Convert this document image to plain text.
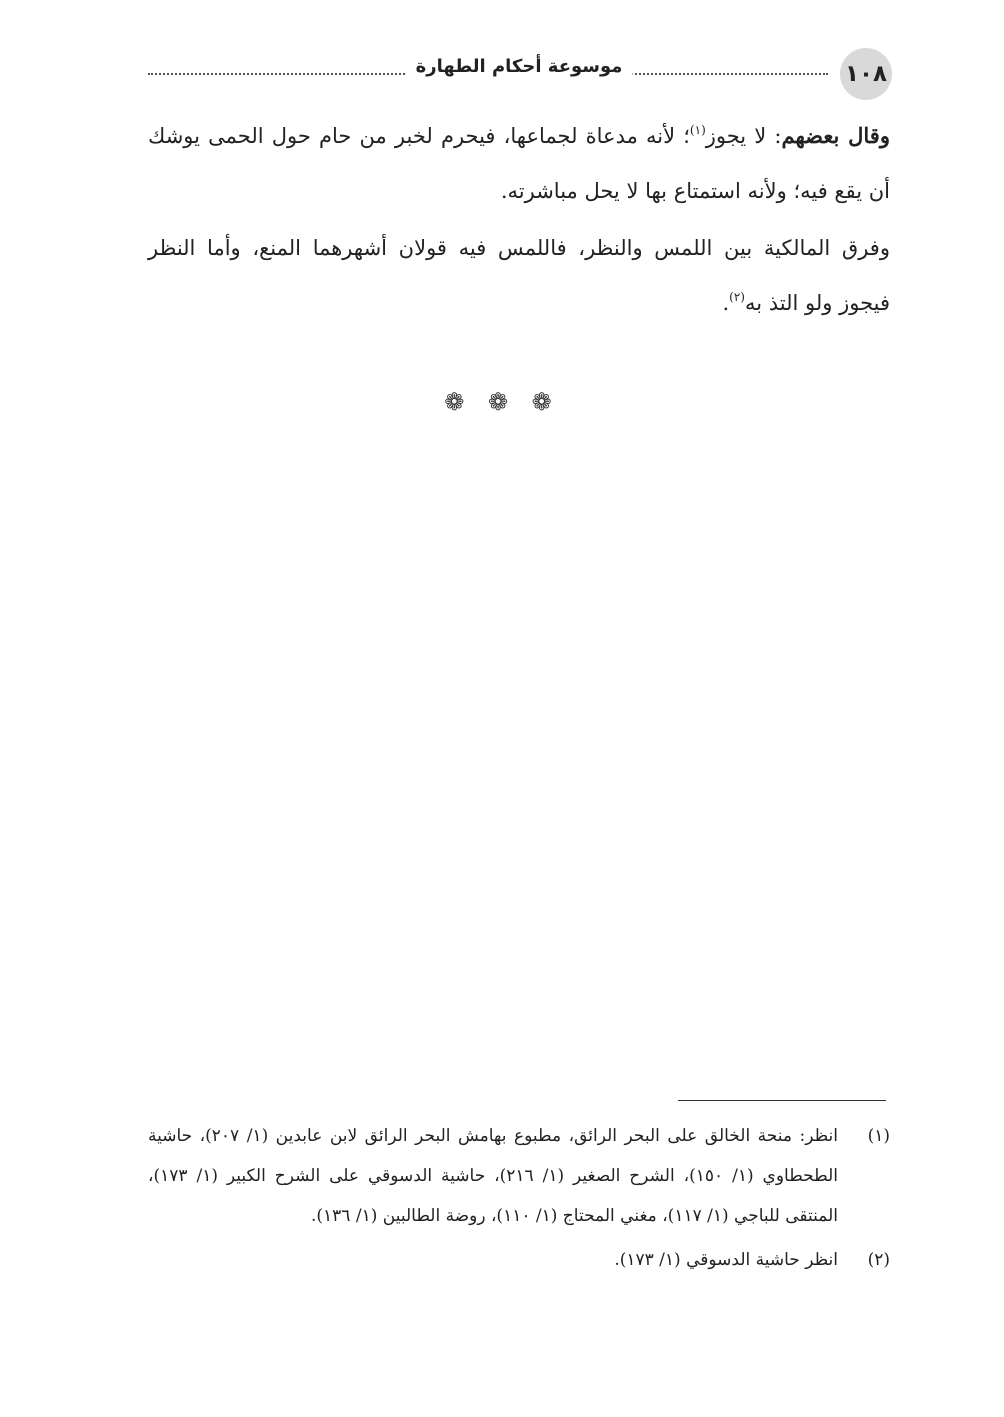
موسوعة أحكام الطهارة	١٠٨

وقال بعضهم: لا يجوز$^{(١)}$؛ لأنه مدعاة لجماعها، فيحرم لخبر من حام حول الحمى يوشك أن يقع فيه؛ ولأنه استمتاع بها لا يحل مباشرته.

وفرق المالكية بين اللمس والنظر، فاللمس فيه قولان أشهرهما المنع، وأما النظر فيجوز ولو التذ به$^{(٢)}$.

❁ ❁ ❁
(١)
انظر: منحة الخالق على البحر الرائق، مطبوع بهامش البحر الرائق لابن عابدين (١/ ٢٠٧)، حاشية الطحطاوي (١/ ١٥٠)، الشرح الصغير (١/ ٢١٦)، حاشية الدسوقي على الشرح الكبير (١/ ١٧٣)، المنتقى للباجي (١/ ١١٧)، مغني المحتاج (١/ ١١٠)، روضة الطالبين (١/ ١٣٦).
(٢)
انظر حاشية الدسوقي (١/ ١٧٣).
